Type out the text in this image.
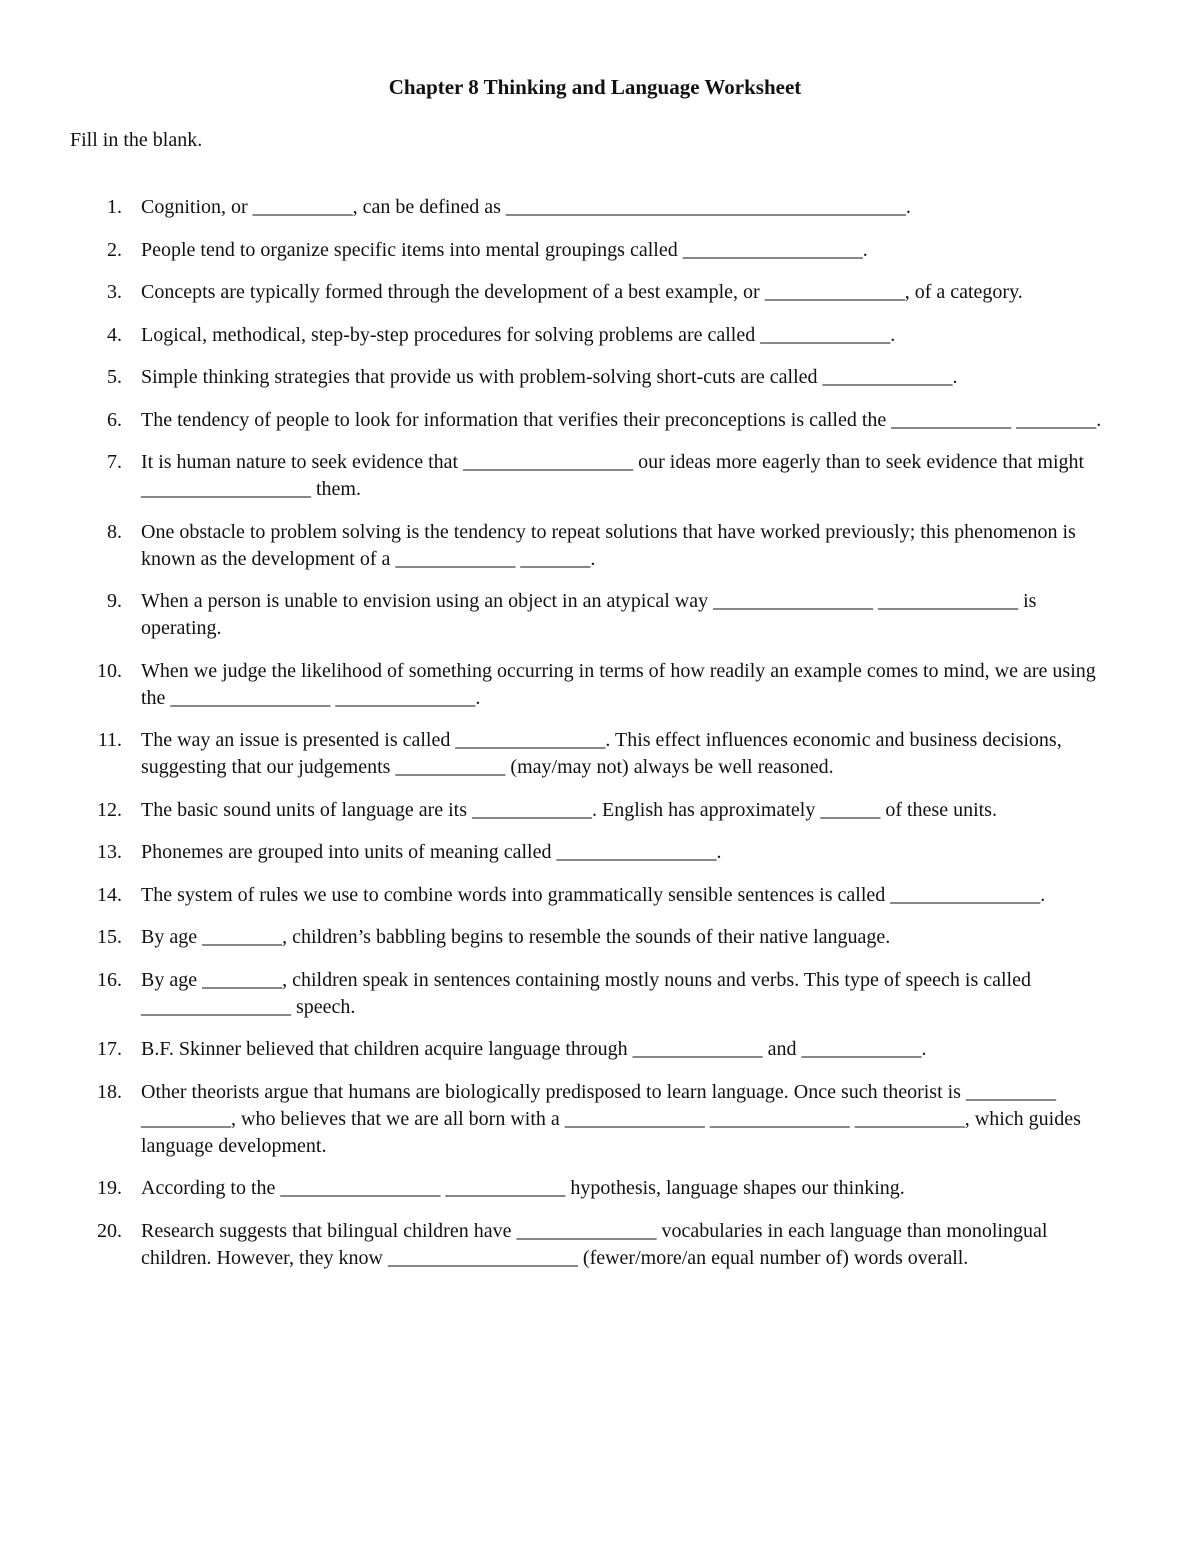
Chapter 8 Thinking and Language Worksheet

Fill in the blank.

1. Cognition, or __________, can be defined as ________________________________________.
2. People tend to organize specific items into mental groupings called __________________.
3. Concepts are typically formed through the development of a best example, or ______________, of a category.
4. Logical, methodical, step-by-step procedures for solving problems are called _____________.
5. Simple thinking strategies that provide us with problem-solving short-cuts are called _____________.
6. The tendency of people to look for information that verifies their preconceptions is called the ____________ ________.
7. It is human nature to seek evidence that _________________ our ideas more eagerly than to seek evidence that might _________________ them.
8. One obstacle to problem solving is the tendency to repeat solutions that have worked previously; this phenomenon is known as the development of a ____________ _______.
9. When a person is unable to envision using an object in an atypical way ________________ ______________ is operating.
10. When we judge the likelihood of something occurring in terms of how readily an example comes to mind, we are using the ________________ ______________.
11. The way an issue is presented is called _______________. This effect influences economic and business decisions, suggesting that our judgements ___________ (may/may not) always be well reasoned.
12. The basic sound units of language are its ____________. English has approximately ______ of these units.
13. Phonemes are grouped into units of meaning called ________________.
14. The system of rules we use to combine words into grammatically sensible sentences is called _______________.
15. By age ________, children’s babbling begins to resemble the sounds of their native language.
16. By age ________, children speak in sentences containing mostly nouns and verbs. This type of speech is called _______________ speech.
17. B.F. Skinner believed that children acquire language through _____________ and ____________.
18. Other theorists argue that humans are biologically predisposed to learn language. Once such theorist is _________ _________, who believes that we are all born with a ______________ ______________ ___________, which guides language development.
19. According to the ________________ ____________ hypothesis, language shapes our thinking.
20. Research suggests that bilingual children have ______________ vocabularies in each language than monolingual children. However, they know ___________________ (fewer/more/an equal number of) words overall.
